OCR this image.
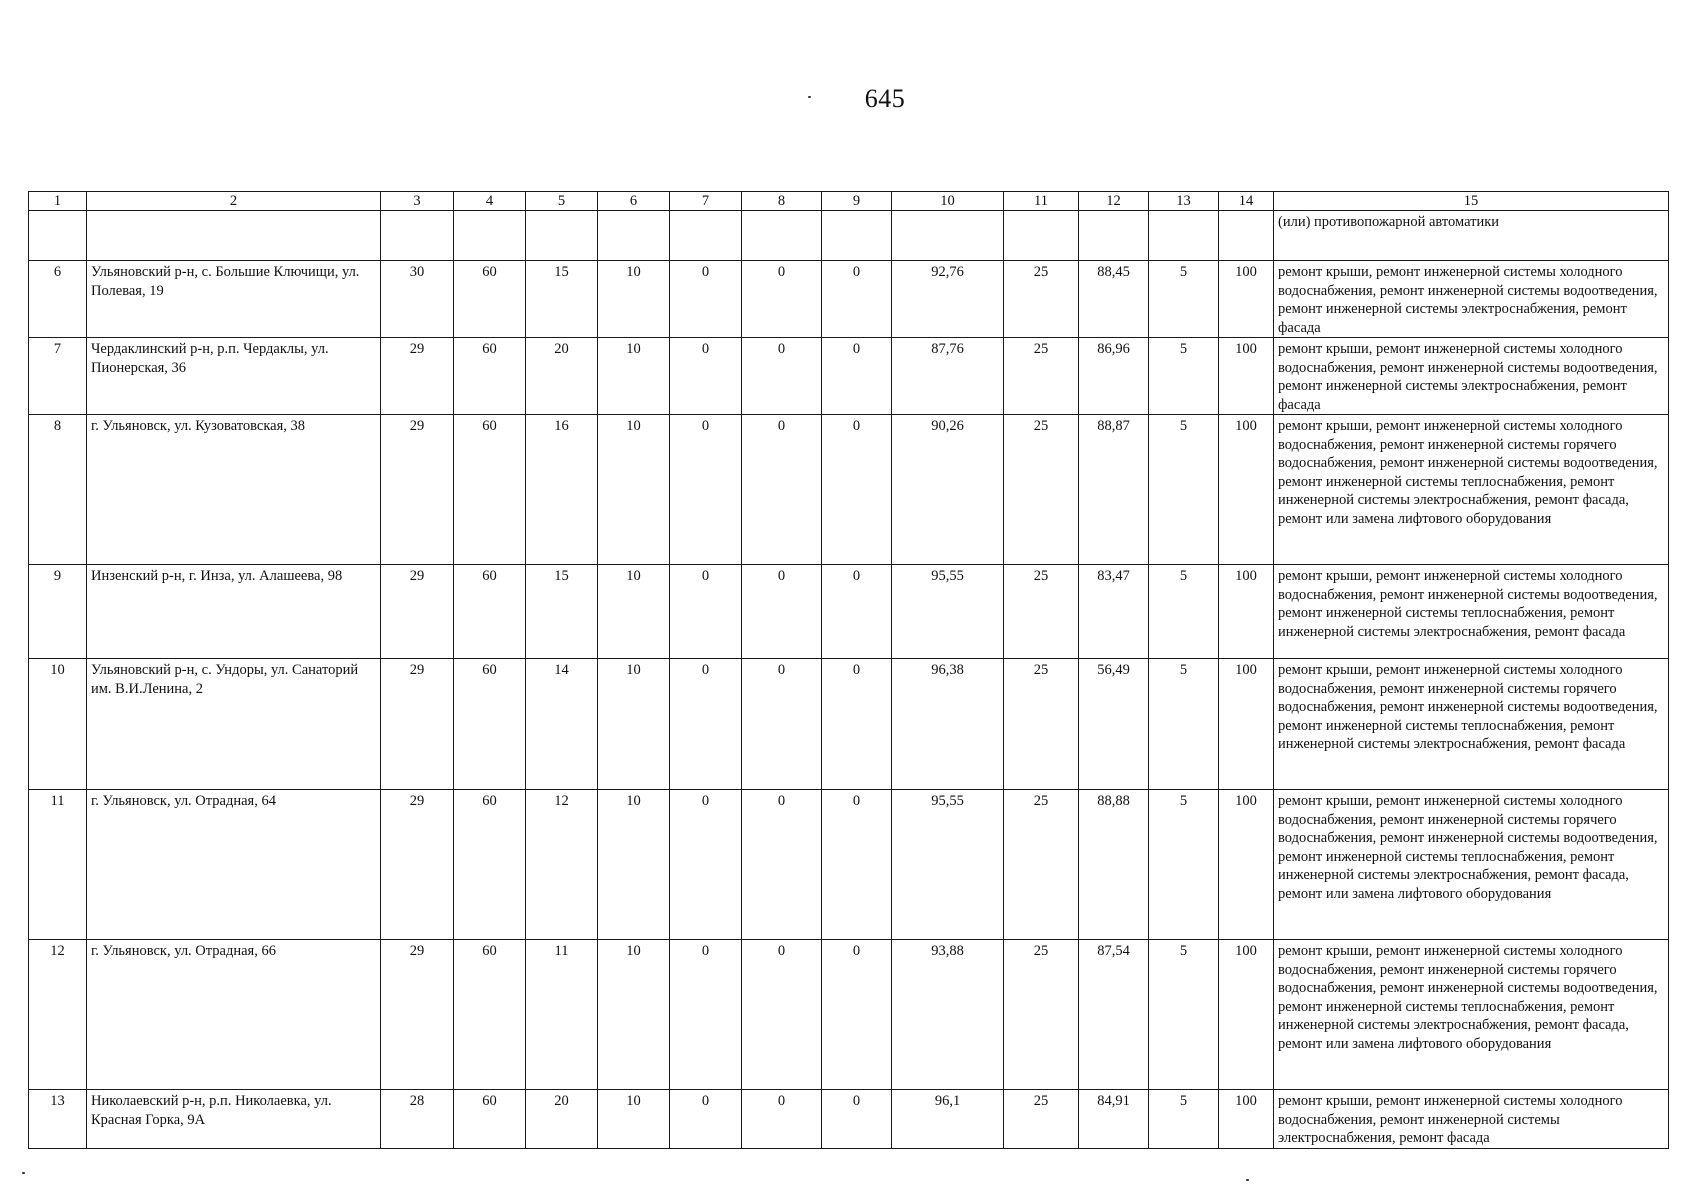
645
1	2	3	4	5	6	7	8	9	10	11	12	13	14	15
														(или) противопожарной автоматики
6	Ульяновский р-н, с. Большие Ключищи, ул. Полевая, 19	30	60	15	10	0	0	0	92,76	25	88,45	5	100	ремонт крыши, ремонт инженерной системы холодного водоснабжения, ремонт инженерной системы водоотведения, ремонт инженерной системы электроснабжения, ремонт фасада
7	Чердаклинский р-н, р.п. Чердаклы, ул. Пионерская, 36	29	60	20	10	0	0	0	87,76	25	86,96	5	100	ремонт крыши, ремонт инженерной системы холодного водоснабжения, ремонт инженерной системы водоотведения, ремонт инженерной системы электроснабжения, ремонт фасада
8	г. Ульяновск, ул. Кузоватовская, 38	29	60	16	10	0	0	0	90,26	25	88,87	5	100	ремонт крыши, ремонт инженерной системы холодного водоснабжения, ремонт инженерной системы горячего водоснабжения, ремонт инженерной системы водоотведения, ремонт инженерной системы теплоснабжения, ремонт инженерной системы электроснабжения, ремонт фасада, ремонт или замена лифтового оборудования
9	Инзенский р-н, г. Инза, ул. Алашеева, 98	29	60	15	10	0	0	0	95,55	25	83,47	5	100	ремонт крыши, ремонт инженерной системы холодного водоснабжения, ремонт инженерной системы водоотведения, ремонт инженерной системы теплоснабжения, ремонт инженерной системы электроснабжения, ремонт фасада
10	Ульяновский р-н, с. Ундоры, ул. Санаторий им. В.И.Ленина, 2	29	60	14	10	0	0	0	96,38	25	56,49	5	100	ремонт крыши, ремонт инженерной системы холодного водоснабжения, ремонт инженерной системы горячего водоснабжения, ремонт инженерной системы водоотведения, ремонт инженерной системы теплоснабжения, ремонт инженерной системы электроснабжения, ремонт фасада
11	г. Ульяновск, ул. Отрадная, 64	29	60	12	10	0	0	0	95,55	25	88,88	5	100	ремонт крыши, ремонт инженерной системы холодного водоснабжения, ремонт инженерной системы горячего водоснабжения, ремонт инженерной системы водоотведения, ремонт инженерной системы теплоснабжения, ремонт инженерной системы электроснабжения, ремонт фасада, ремонт или замена лифтового оборудования
12	г. Ульяновск, ул. Отрадная, 66	29	60	11	10	0	0	0	93,88	25	87,54	5	100	ремонт крыши, ремонт инженерной системы холодного водоснабжения, ремонт инженерной системы горячего водоснабжения, ремонт инженерной системы водоотведения, ремонт инженерной системы теплоснабжения, ремонт инженерной системы электроснабжения, ремонт фасада, ремонт или замена лифтового оборудования
13	Николаевский р-н, р.п. Николаевка, ул. Красная Горка, 9А	28	60	20	10	0	0	0	96,1	25	84,91	5	100	ремонт крыши, ремонт инженерной системы холодного водоснабжения, ремонт инженерной системы электроснабжения, ремонт фасада
